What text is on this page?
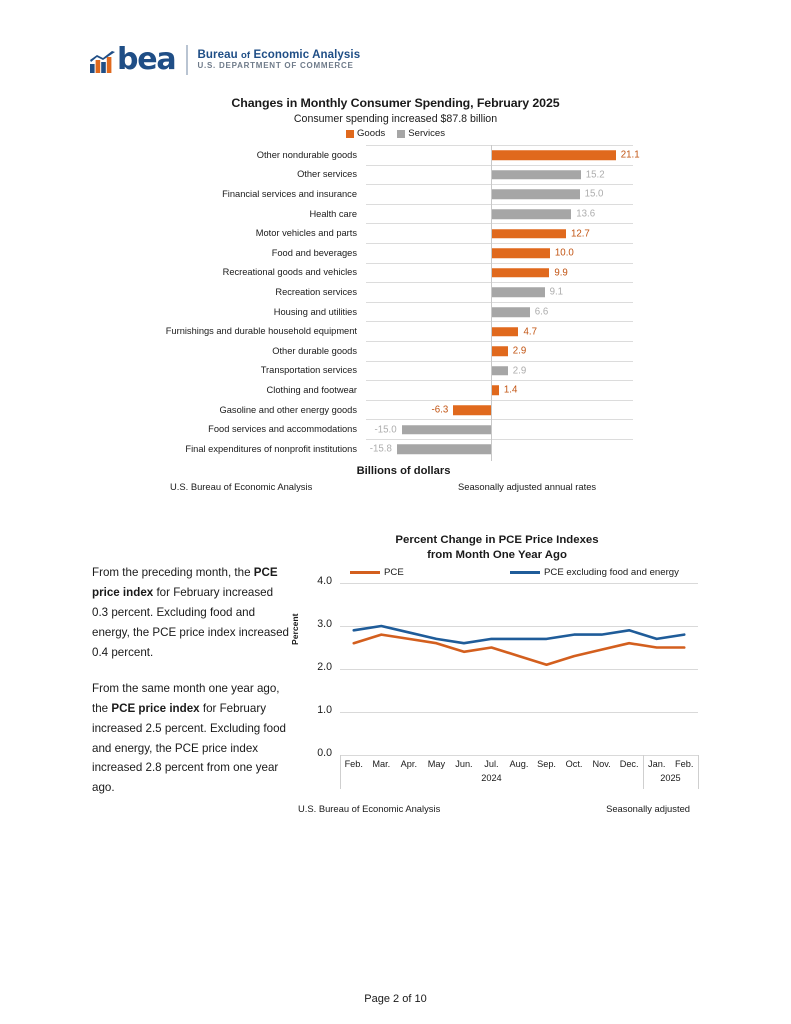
bea Bureau of Economic Analysis
U.S. DEPARTMENT OF COMMERCE
Changes in Monthly Consumer Spending, February 2025
Consumer spending increased $87.8 billion
Goods Services
Other nondurable goods	21.1
Other services	15.2
Financial services and insurance	15.0
Health care	13.6
Motor vehicles and parts	12.7
Food and beverages	10.0
Recreational goods and vehicles	9.9
Recreation services	9.1
Housing and utilities	6.6
Furnishings and durable household equipment	4.7
Other durable goods	2.9
Transportation services	2.9
Clothing and footwear	1.4
Gasoline and other energy goods	-6.3
Food services and accommodations -15.0
Final expenditures of nonprofit institutions -15.8
Billions of dollars
U.S. Bureau of Economic Analysis	Seasonally adjusted annual rates

From the preceding month, the PCE price index for February increased 0.3 percent. Excluding food and energy, the PCE price index increased 0.4 percent.

From the same month one year ago, the PCE price index for February increased 2.5 percent. Excluding food and energy, the PCE price index increased 2.8 percent from one year ago.

Percent Change in PCE Price Indexes
from Month One Year Ago
PCE	PCE excluding food and energy
Percent
0.0
1.0
2.0
3.0
4.0
Feb.	Mar.	Apr.	May	Jun.	Jul.	Aug. Sep.	Oct.	Nov. Dec.	Jan.	Feb.
2024	2025
U.S. Bureau of Economic Analysis	Seasonally adjusted
Page 2 of 10
